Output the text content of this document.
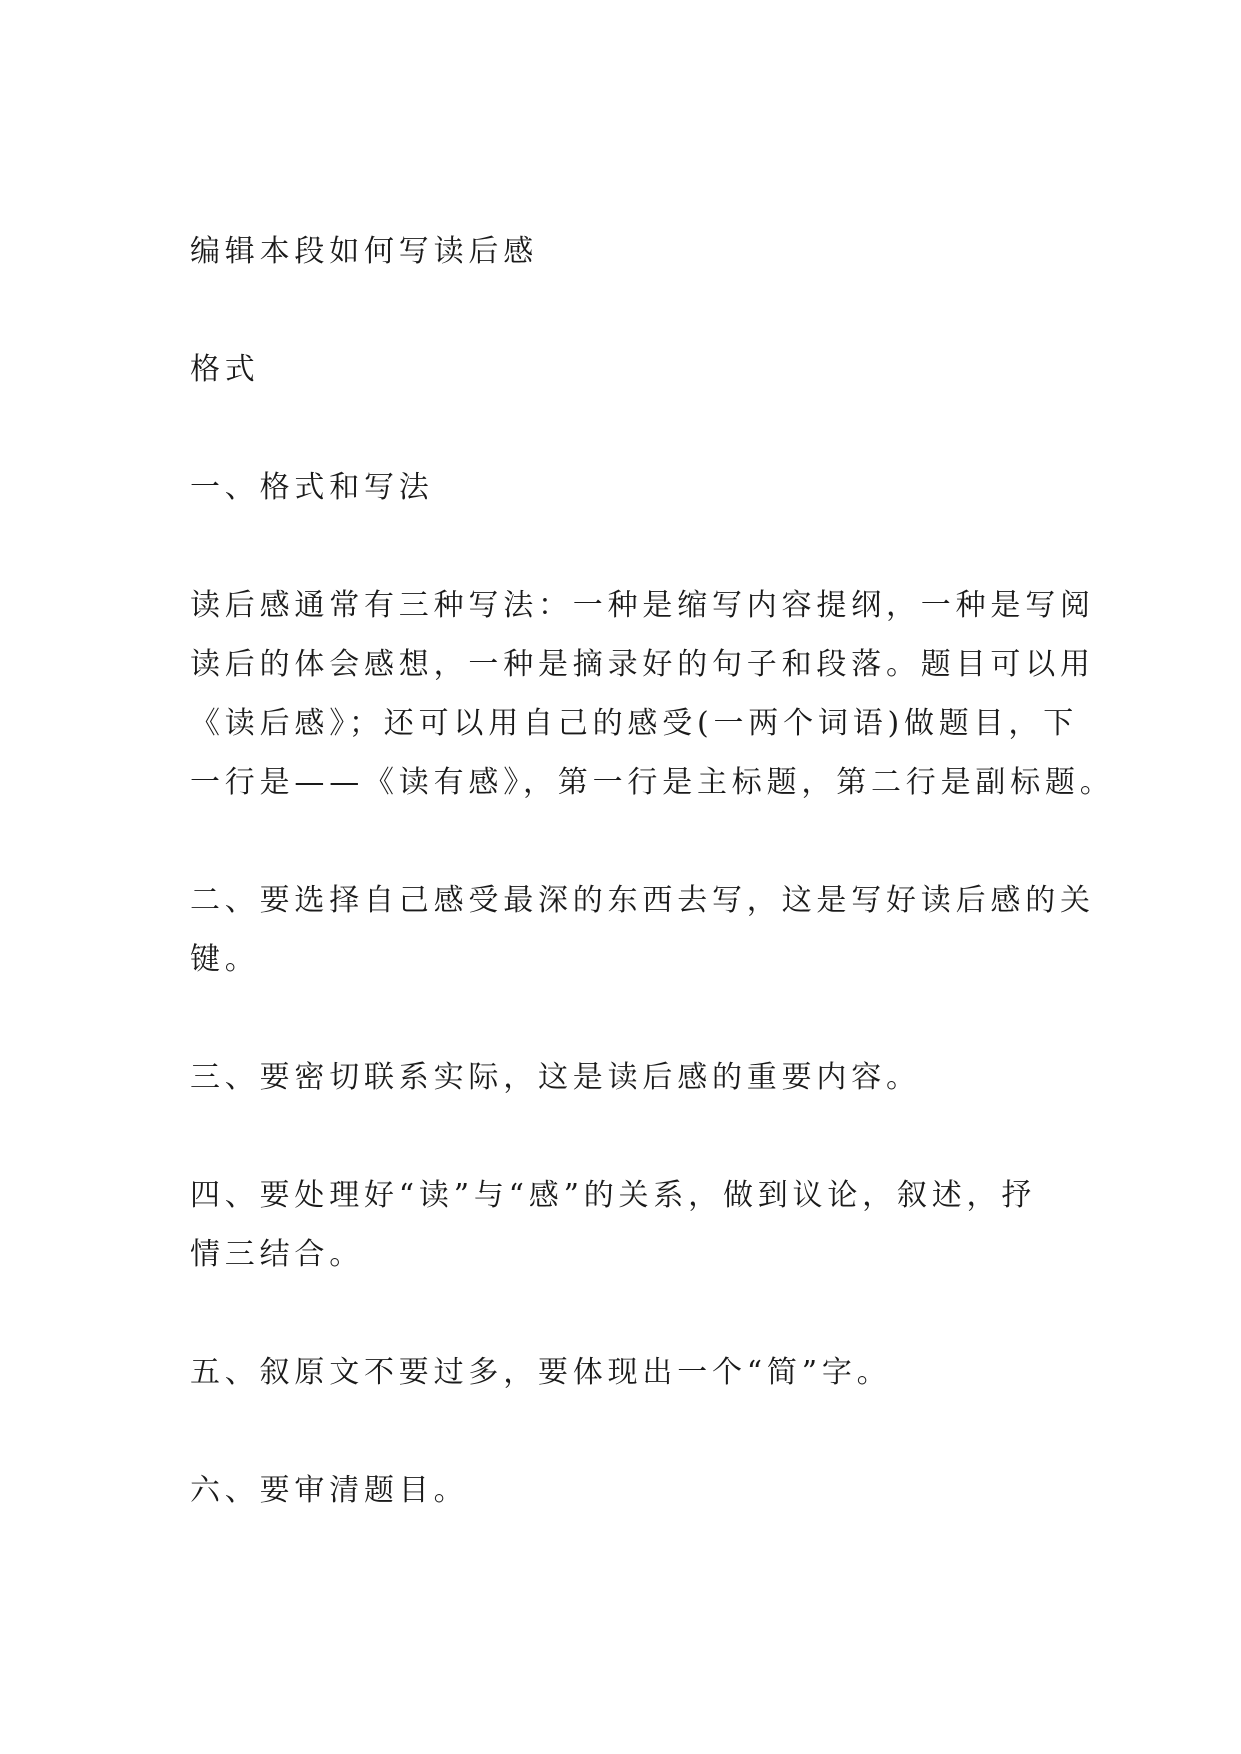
编辑本段如何写读后感

格式

一、格式和写法

读后感通常有三种写法：一种是缩写内容提纲，一种是写阅
读后的体会感想，一种是摘录好的句子和段落。题目可以用
《读后感》；还可以用自己的感受(一两个词语)做题目，下
一行是——《读有感》，第一行是主标题，第二行是副标题。

二、要选择自己感受最深的东西去写，这是写好读后感的关
键。

三、要密切联系实际，这是读后感的重要内容。

四、要处理好“读”与“感”的关系，做到议论，叙述，抒
情三结合。

五、叙原文不要过多，要体现出一个“简”字。

六、要审清题目。
